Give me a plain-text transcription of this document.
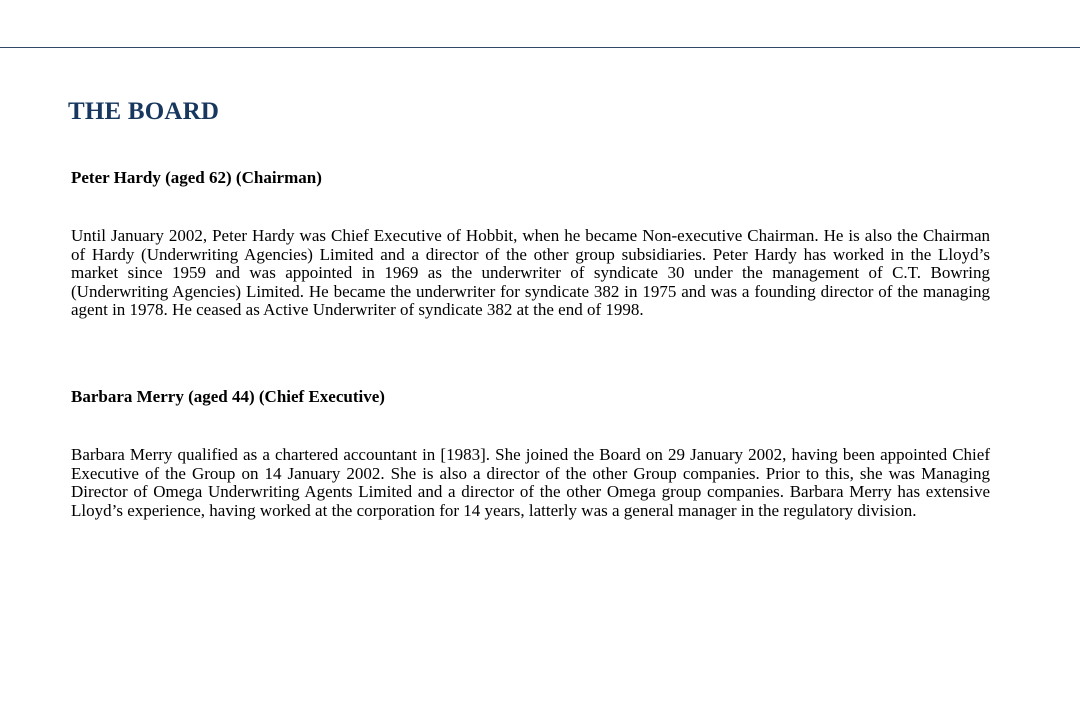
THE BOARD

Peter Hardy (aged 62) (Chairman)

Until January 2002, Peter Hardy was Chief Executive of Hobbit, when he became Non-executive Chairman. He is also the Chairman of Hardy (Underwriting Agencies) Limited and a director of the other group subsidiaries. Peter Hardy has worked in the Lloyd’s market since 1959 and was appointed in 1969 as the underwriter of syndicate 30 under the management of C.T. Bowring (Underwriting Agencies) Limited. He became the underwriter for syndicate 382 in 1975 and was a founding director of the managing agent in 1978. He ceased as Active Underwriter of syndicate 382 at the end of 1998.

Barbara Merry (aged 44) (Chief Executive)

Barbara Merry qualified as a chartered accountant in [1983]. She joined the Board on 29 January 2002, having been appointed Chief Executive of the Group on 14 January 2002. She is also a director of the other Group companies. Prior to this, she was Managing Director of Omega Underwriting Agents Limited and a director of the other Omega group companies. Barbara Merry has extensive Lloyd’s experience, having worked at the corporation for 14 years, latterly was a general manager in the regulatory division.
